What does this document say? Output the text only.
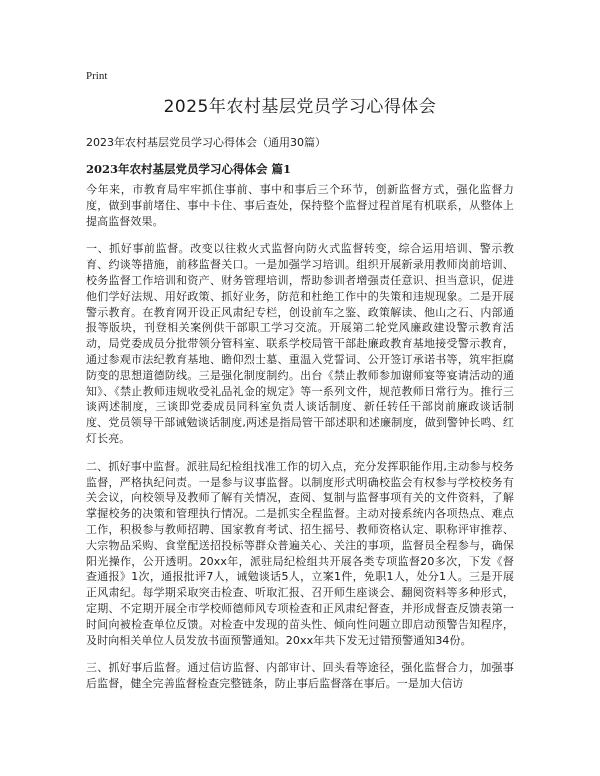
Print
2025年农村基层党员学习心得体会

2023年农村基层党员学习心得体会（通用30篇）

2023年农村基层党员学习心得体会 篇1

今年来，市教育局牢牢抓住事前、事中和事后三个环节，创新监督方式，强化监督力度，做到事前堵住、事中卡住、事后查处，保持整个监督过程首尾有机联系，从整体上提高监督效果。

一、抓好事前监督。改变以往救火式监督向防火式监督转变，综合运用培训、警示教育、约谈等措施，前移监督关口。一是加强学习培训。组织开展新录用教师岗前培训、校务监督工作培训和资产、财务管理培训，帮助参训者增强责任意识、担当意识，促进他们学好法规、用好政策、抓好业务，防范和杜绝工作中的失策和违规现象。二是开展警示教育。在教育网开设正风肃纪专栏，创设前车之鉴、政策解读、他山之石、内部通报等版块，刊登相关案例供干部职工学习交流。开展第二轮党风廉政建设警示教育活动，局党委成员分批带领分管科室、联系学校局管干部赴廉政教育基地接受警示教育，通过参观市法纪教育基地、瞻仰烈士墓、重温入党誓词、公开签订承诺书等，筑牢拒腐防变的思想道德防线。三是强化制度制约。出台《禁止教师参加谢师宴等宴请活动的通知》、《禁止教师违规收受礼品礼金的规定》等一系列文件，规范教师日常行为。推行三谈两述制度，三谈即党委成员同科室负责人谈话制度、新任转任干部岗前廉政谈话制度、党员领导干部诫勉谈话制度,两述是指局管干部述职和述廉制度，做到警钟长鸣、红灯长亮。

二、抓好事中监督。派驻局纪检组找准工作的切入点，充分发挥职能作用,主动参与校务监督，严格执纪问责。一是参与议事监督。以制度形式明确校监会有权参与学校校务有关会议，向校领导及教师了解有关情况，查阅、复制与监督事项有关的文件资料，了解掌握校务的决策和管理执行情况。二是抓实全程监督。主动对接系统内各项热点、难点工作，积极参与教师招聘、国家教育考试、招生摇号、教师资格认定、职称评审推荐、大宗物品采购、食堂配送招投标等群众普遍关心、关注的事项，监督员全程参与，确保阳光操作，公开透明。20xx年，派驻局纪检组共开展各类专项监督20多次，下发《督查通报》1次，通报批评7人，诫勉谈话5人，立案1件，免职1人，处分1人。三是开展正风肃纪。每学期采取突击检查、听取汇报、召开师生座谈会、翻阅资料等多种形式，定期、不定期开展全市学校师德师风专项检查和正风肃纪督查，并形成督查反馈表第一时间向被检查单位反馈。对检查中发现的苗头性、倾向性问题立即启动预警告知程序，及时向相关单位人员发放书面预警通知。20xx年共下发无过错预警通知34份。

三、抓好事后监督。通过信访监督、内部审计、回头看等途径，强化监督合力，加强事后监督，健全完善监督检查完整链条，防止事后监督落在事后。一是加大信访
